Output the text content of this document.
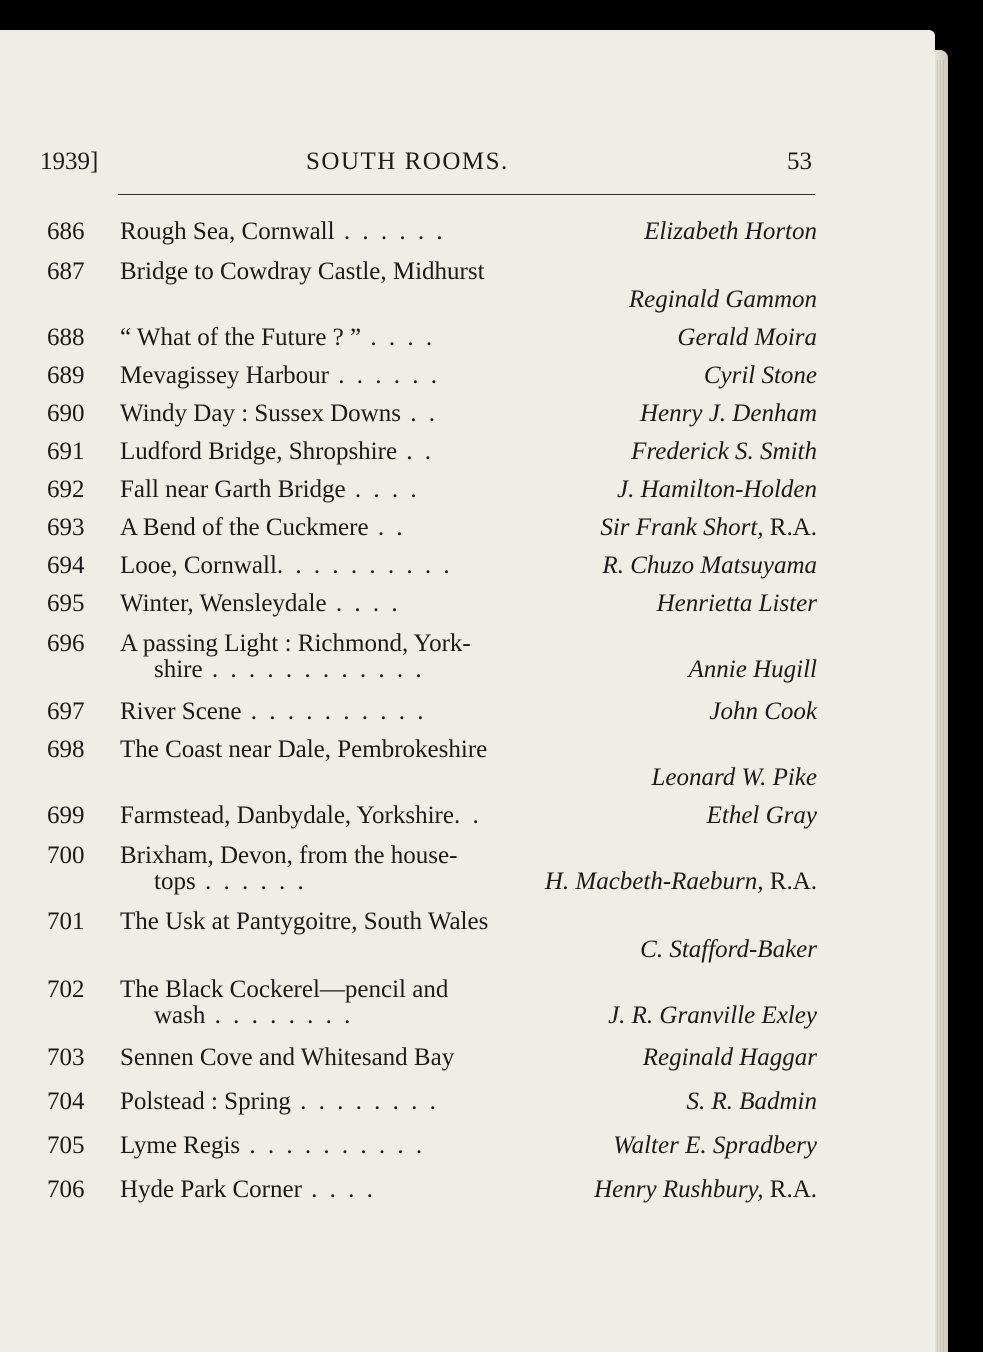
1939]	SOUTH ROOMS.	53
686 Rough Sea, Cornwall . . . . . .	Elizabeth Horton
687 Bridge to Cowdray Castle, Midhurst
Reginald Gammon
688 “ What of the Future ? ” . . . .	Gerald Moira
689 Mevagissey Harbour . . . . . .	Cyril Stone
690 Windy Day : Sussex Downs . .	Henry J. Denham
691 Ludford Bridge, Shropshire . .	Frederick S. Smith
692 Fall near Garth Bridge . . . .	J. Hamilton-Holden
693 A Bend of the Cuckmere . .	Sir Frank Short, R.A.
694 Looe, Cornwall. . . . . . . . . .	R. Chuzo Matsuyama
695 Winter, Wensleydale . . . .	Henrietta Lister
696 A passing Light : Richmond, York-
shire . . . . . . . . . . . .	Annie Hugill
697 River Scene . . . . . . . . . .	John Cook
698 The Coast near Dale, Pembrokeshire
Leonard W. Pike
699 Farmstead, Danbydale, Yorkshire. .	Ethel Gray
700 Brixham, Devon, from the house-
tops . . . . . .	H. Macbeth-Raeburn, R.A.
701 The Usk at Pantygoitre, South Wales
C. Stafford-Baker
702 The Black Cockerel—pencil and
wash . . . . . . . .	J. R. Granville Exley
703 Sennen Cove and Whitesand Bay	Reginald Haggar
704 Polstead : Spring . . . . . . . .	S. R. Badmin
705 Lyme Regis . . . . . . . . . .	Walter E. Spradbery
706 Hyde Park Corner . . . .	Henry Rushbury, R.A.
